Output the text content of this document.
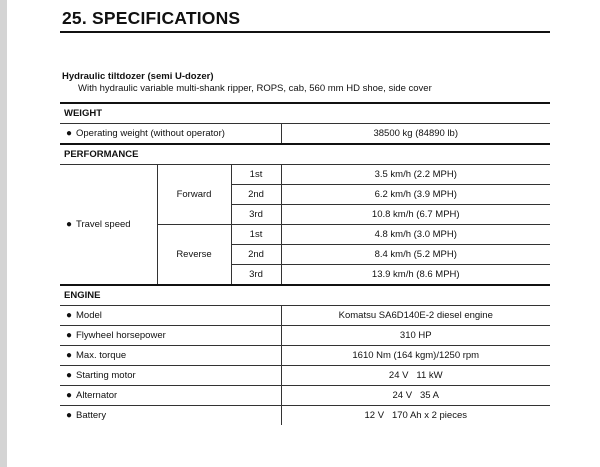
25. SPECIFICATIONS
Hydraulic tiltdozer (semi U-dozer)
With hydraulic variable multi-shank ripper, ROPS, cab, 560 mm HD shoe, side cover
WEIGHT			
● Operating weight (without operator)			38500 kg (84890 lb)
PERFORMANCE			
● Travel speed	Forward	1st	3.5 km/h (2.2 MPH)
		2nd	6.2 km/h (3.9 MPH)
		3rd	10.8 km/h (6.7 MPH)
	Reverse	1st	4.8 km/h (3.0 MPH)
		2nd	8.4 km/h (5.2 MPH)
		3rd	13.9 km/h (8.6 MPH)
ENGINE			
● Model			Komatsu SA6D140E-2 diesel engine
● Flywheel horsepower			310 HP
● Max. torque			1610 Nm (164 kgm)/1250 rpm
● Starting motor			24 V   11 kW
● Alternator			24 V   35 A
● Battery			12 V   170 Ah x 2 pieces
